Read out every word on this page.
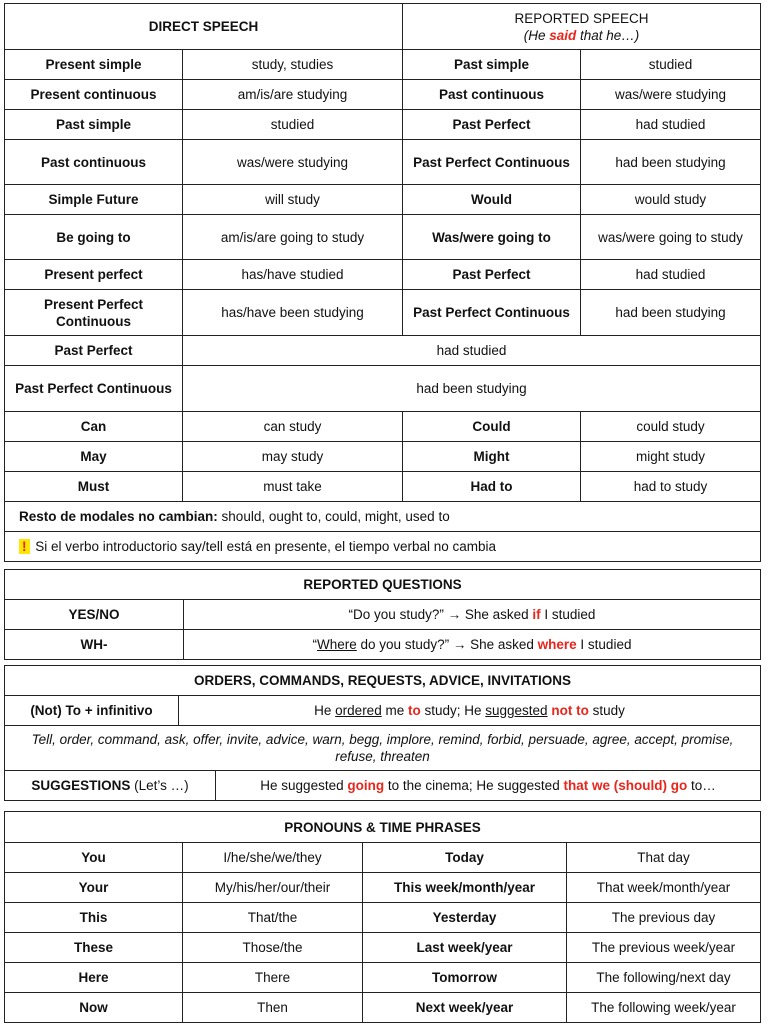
DIRECT SPEECH		REPORTED SPEECH
(He said that he…)	

Present simple	study, studies	Past simple	studied
Present continuous	am/is/are studying	Past continuous	was/were studying
Past simple	studied	Past Perfect	had studied
Past continuous	was/were studying	Past Perfect Continuous	had been studying
Simple Future	will study	Would	would study
Be going to	am/is/are going to study	Was/were going to	was/were going to study
Present perfect	has/have studied	Past Perfect	had studied
Present Perfect Continuous	has/have been studying	Past Perfect Continuous	had been studying
Past Perfect	had studied		
Past Perfect Continuous	had been studying		
Can	can study	Could	could study
May	may study	Might	might study
Must	must take	Had to	had to study
Resto de modales no cambian: should, ought to, could, might, used to			
! Si el verbo introductorio say/tell está en presente, el tiempo verbal no cambia			
REPORTED QUESTIONS	
YES/NO	“Do you study?” → She asked if I studied
WH-	“Where do you study?” → She asked where I studied
ORDERS, COMMANDS, REQUESTS, ADVICE, INVITATIONS		
(Not) To + infinitivo	He ordered me to study; He suggested not to study	
Tell, order, command, ask, offer, invite, advice, warn, begg, implore, remind, forbid, persuade, agree, accept, promise, refuse, threaten		
SUGGESTIONS (Let’s …)		He suggested going to the cinema; He suggested that we (should) go to…
PRONOUNS & TIME PHRASES			
You	I/he/she/we/they	Today	That day
Your	My/his/her/our/their	This week/month/year	That week/month/year
This	That/the	Yesterday	The previous day
These	Those/the	Last week/year	The previous week/year
Here	There	Tomorrow	The following/next day
Now	Then	Next week/year	The following week/year
